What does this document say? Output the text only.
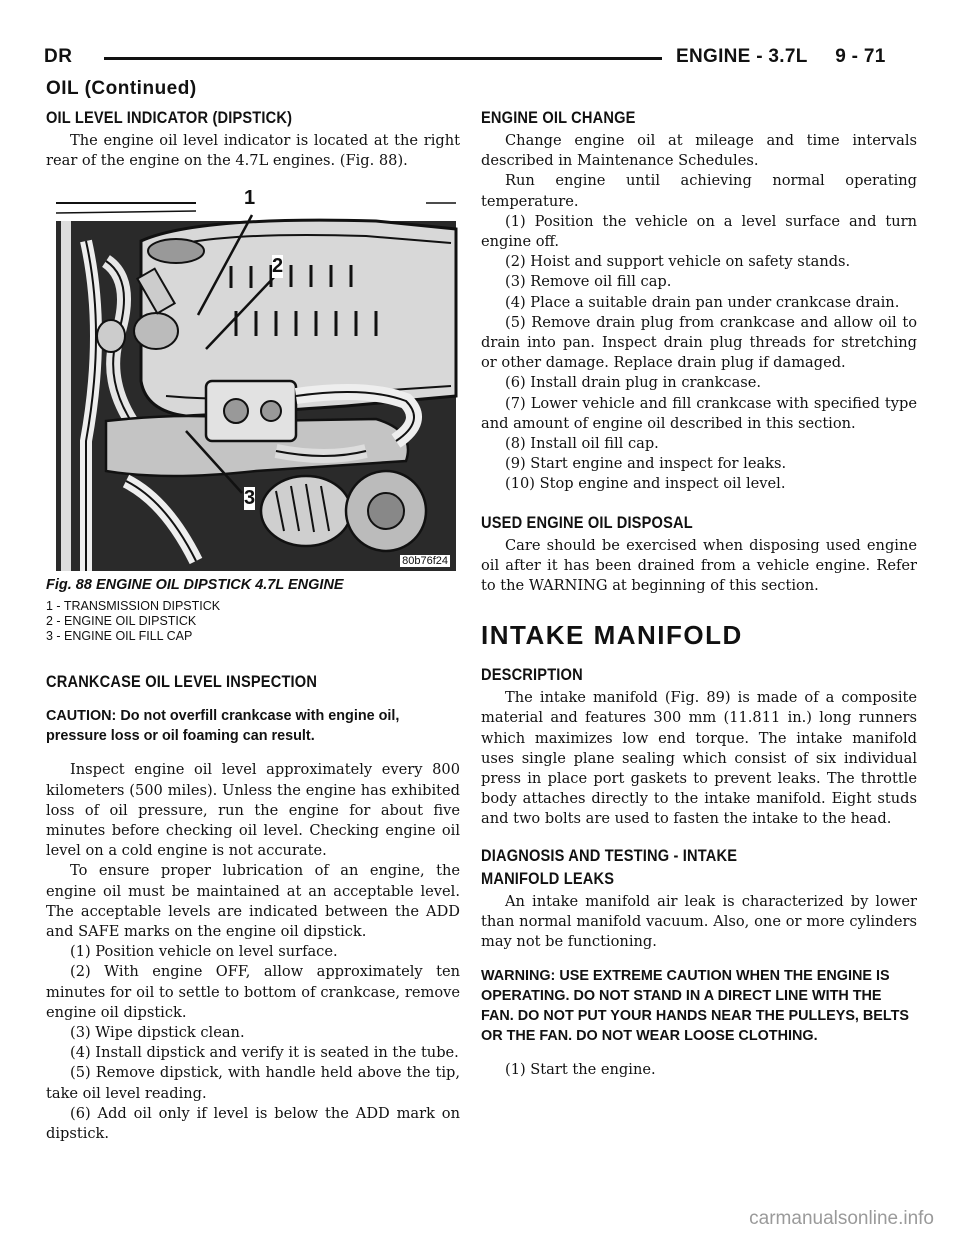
DR	ENGINE - 3.7L     9 - 71
OIL (Continued)
OIL LEVEL INDICATOR (DIPSTICK)

The engine oil level indicator is located at the right rear of the engine on the 4.7L engines. (Fig. 88).

1
2
3
80b76f24
Fig. 88 ENGINE OIL DIPSTICK 4.7L ENGINE
1 - TRANSMISSION DIPSTICK
2 - ENGINE OIL DIPSTICK
3 - ENGINE OIL FILL CAP
CRANKCASE OIL LEVEL INSPECTION

CAUTION: Do not overfill crankcase with engine oil, pressure loss or oil foaming can result.

Inspect engine oil level approximately every 800 kilometers (500 miles). Unless the engine has exhibited loss of oil pressure, run the engine for about five minutes before checking oil level. Checking engine oil level on a cold engine is not accurate.

To ensure proper lubrication of an engine, the engine oil must be maintained at an acceptable level. The acceptable levels are indicated between the ADD and SAFE marks on the engine oil dipstick.

(1) Position vehicle on level surface.

(2) With engine OFF, allow approximately ten minutes for oil to settle to bottom of crankcase, remove engine oil dipstick.

(3) Wipe dipstick clean.

(4) Install dipstick and verify it is seated in the tube.

(5) Remove dipstick, with handle held above the tip, take oil level reading.

(6) Add oil only if level is below the ADD mark on dipstick.

ENGINE OIL CHANGE

Change engine oil at mileage and time intervals described in Maintenance Schedules.

Run engine until achieving normal operating temperature.

(1) Position the vehicle on a level surface and turn engine off.

(2) Hoist and support vehicle on safety stands.

(3) Remove oil fill cap.

(4) Place a suitable drain pan under crankcase drain.

(5) Remove drain plug from crankcase and allow oil to drain into pan. Inspect drain plug threads for stretching or other damage. Replace drain plug if damaged.

(6) Install drain plug in crankcase.

(7) Lower vehicle and fill crankcase with specified type and amount of engine oil described in this section.

(8) Install oil fill cap.

(9) Start engine and inspect for leaks.

(10) Stop engine and inspect oil level.

USED ENGINE OIL DISPOSAL

Care should be exercised when disposing used engine oil after it has been drained from a vehicle engine. Refer to the WARNING at beginning of this section.

INTAKE MANIFOLD
DESCRIPTION

The intake manifold (Fig. 89) is made of a composite material and features 300 mm (11.811 in.) long runners which maximizes low end torque. The intake manifold uses single plane sealing which consist of six individual press in place port gaskets to prevent leaks. The throttle body attaches directly to the intake manifold. Eight studs and two bolts are used to fasten the intake to the head.

DIAGNOSIS AND TESTING - INTAKE
MANIFOLD LEAKS

An intake manifold air leak is characterized by lower than normal manifold vacuum. Also, one or more cylinders may not be functioning.

WARNING: USE EXTREME CAUTION WHEN THE ENGINE IS OPERATING. DO NOT STAND IN A DIRECT LINE WITH THE FAN. DO NOT PUT YOUR HANDS NEAR THE PULLEYS, BELTS OR THE FAN. DO NOT WEAR LOOSE CLOTHING.

(1) Start the engine.

carmanualsonline.info
